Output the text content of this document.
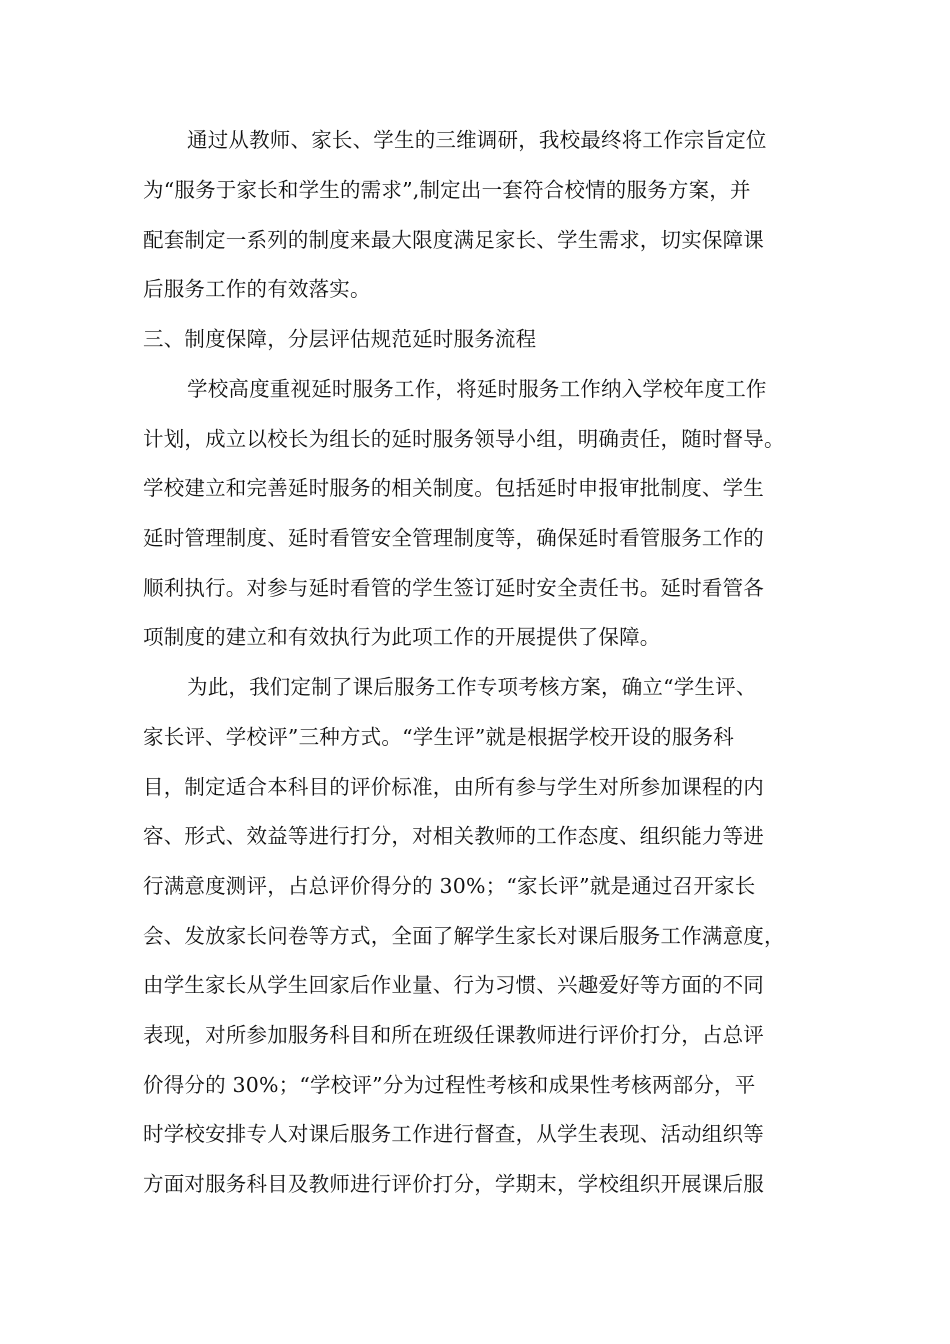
通过从教师、家长、学生的三维调研，我校最终将工作宗旨定位
为“服务于家长和学生的需求”,制定出一套符合校情的服务方案，并
配套制定一系列的制度来最大限度满足家长、学生需求，切实保障课
后服务工作的有效落实。
三、制度保障，分层评估规范延时服务流程
学校高度重视延时服务工作，将延时服务工作纳入学校年度工作
计划，成立以校长为组长的延时服务领导小组，明确责任，随时督导。
学校建立和完善延时服务的相关制度。包括延时申报审批制度、学生
延时管理制度、延时看管安全管理制度等，确保延时看管服务工作的
顺利执行。对参与延时看管的学生签订延时安全责任书。延时看管各
项制度的建立和有效执行为此项工作的开展提供了保障。
为此，我们定制了课后服务工作专项考核方案，确立“学生评、
家长评、学校评”三种方式。“学生评”就是根据学校开设的服务科
目，制定适合本科目的评价标准，由所有参与学生对所参加课程的内
容、形式、效益等进行打分，对相关教师的工作态度、组织能力等进
行满意度测评，占总评价得分的 30%；“家长评”就是通过召开家长
会、发放家长问卷等方式，全面了解学生家长对课后服务工作满意度，
由学生家长从学生回家后作业量、行为习惯、兴趣爱好等方面的不同
表现，对所参加服务科目和所在班级任课教师进行评价打分，占总评
价得分的 30%；“学校评”分为过程性考核和成果性考核两部分，平
时学校安排专人对课后服务工作进行督查，从学生表现、活动组织等
方面对服务科目及教师进行评价打分，学期末，学校组织开展课后服
